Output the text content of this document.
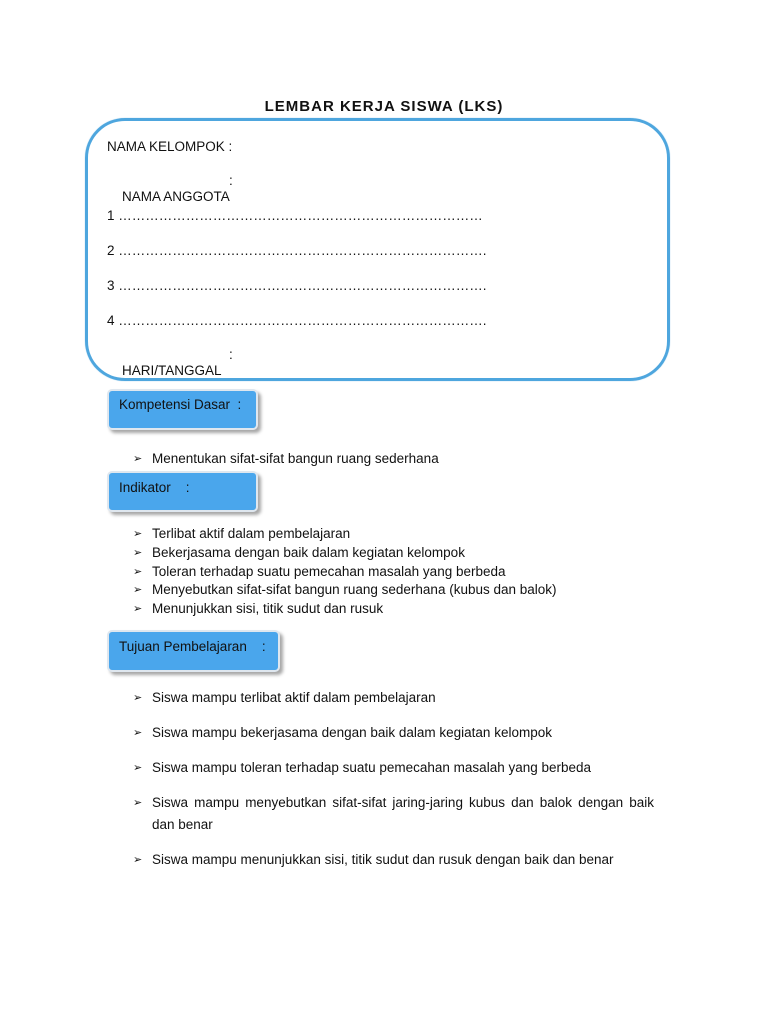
LEMBAR KERJA SISWA (LKS)
NAMA KELOMPOK :

NAMA ANGGOTA

:

1 ………………………………………………………………………
2 ……………………………………………………………………….
3 ……………………………………………………………………….
4 ……………………………………………………………………….

HARI/TANGGAL

:

Kompetensi Dasar  :
➢
Menentukan sifat-sifat bangun ruang sederhana
Indikator    :
➢
Terlibat aktif dalam pembelajaran
➢
Bekerjasama dengan baik dalam kegiatan kelompok
➢
Toleran terhadap suatu pemecahan masalah yang berbeda
➢
Menyebutkan sifat-sifat bangun ruang sederhana (kubus dan balok)
➢
Menunjukkan sisi, titik sudut dan rusuk
Tujuan Pembelajaran    :
➢
Siswa mampu terlibat aktif dalam pembelajaran
➢
Siswa mampu bekerjasama dengan baik dalam kegiatan kelompok
➢
Siswa mampu toleran terhadap suatu pemecahan masalah yang berbeda
➢
Siswa mampu menyebutkan sifat-sifat jaring-jaring kubus dan balok dengan baik dan benar
➢
Siswa mampu menunjukkan sisi, titik sudut dan rusuk dengan baik dan benar
